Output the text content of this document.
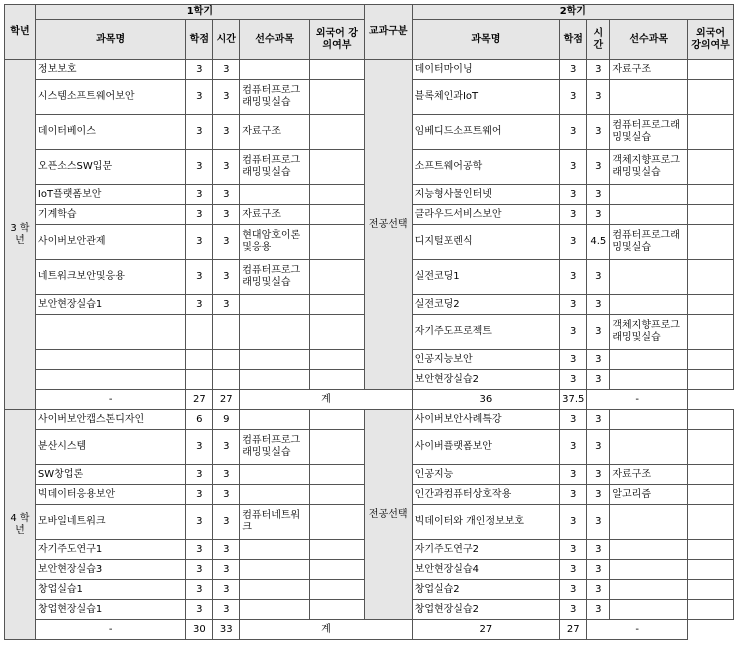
학년	1학기					교과구분	2학기				
	과목명	학점	시간	선수과목	외국어 강의여부		과목명	학점	시간	선수과목	외국어 강의여부
3 학 년	정보보호	3	3			전공선택	데이터마이닝	3	3	자료구조	
	시스템소프트웨어보안	3	3	컴퓨터프로그래밍및실습			블록체인과IoT	3	3		
	데이터베이스	3	3	자료구조			임베디드소프트웨어	3	3	컴퓨터프로그래밍및실습	
	오픈소스SW입문	3	3	컴퓨터프로그래밍및실습			소프트웨어공학	3	3	객체지향프로그래밍및실습	
	IoT플랫폼보안	3	3				지능형사물인터넷	3	3		
	기계학습	3	3	자료구조			클라우드서비스보안	3	3		
	사이버보안관제	3	3	현대암호이론및응용			디지털포렌식	3	4.5	컴퓨터프로그래밍및실습	
	네트워크보안및응용	3	3	컴퓨터프로그래밍및실습			실전코딩1	3	3		
	보안현장실습1	3	3				실전코딩2	3	3		
							자기주도프로젝트	3	3	객체지향프로그래밍및실습	
							인공지능보안	3	3		
							보안현장실습2	3	3		
	-	27	27	계			36	37.5	-		
4 학 년	사이버보안캡스톤디자인	6	9			전공선택	사이버보안사례특강	3	3		
	분산시스템	3	3	컴퓨터프로그래밍및실습			사이버플랫폼보안	3	3		
	SW창업론	3	3				인공지능	3	3	자료구조	
	빅데이터응용보안	3	3				인간과컴퓨터상호작용	3	3	알고리즘	
	모바일네트워크	3	3	컴퓨터네트워크			빅데이터와 개인정보보호	3	3		
	자기주도연구1	3	3				자기주도연구2	3	3		
	보안현장실습3	3	3				보안현장실습4	3	3		
	창업실습1	3	3				창업실습2	3	3		
	창업현장실습1	3	3				창업현장실습2	3	3		
	-	30	33	계			27	27	-		
